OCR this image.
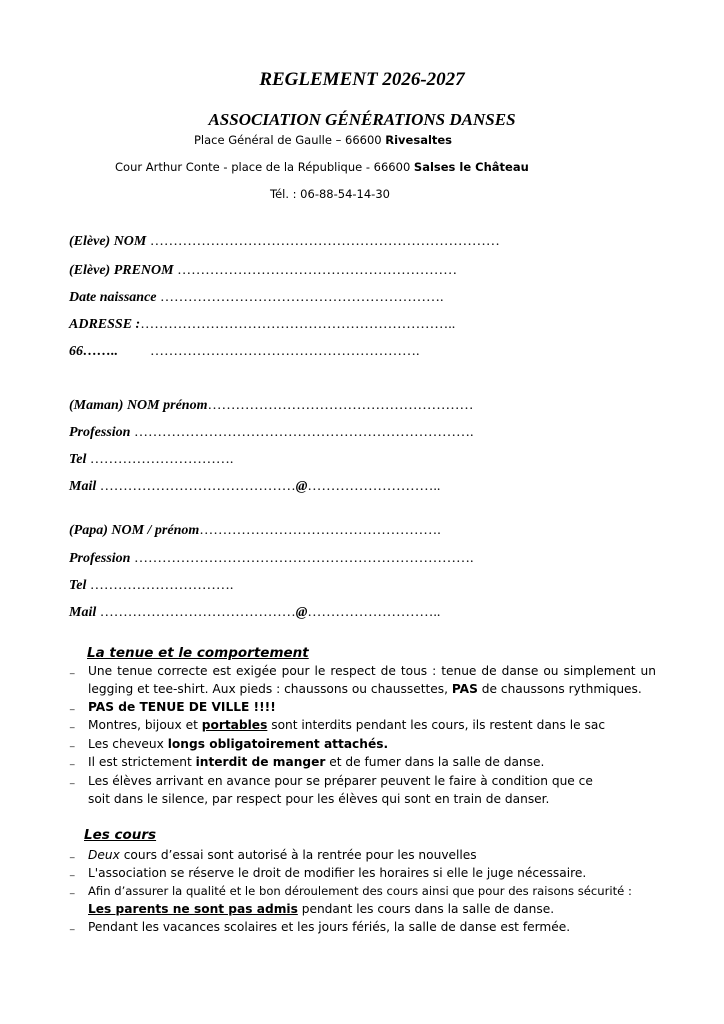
REGLEMENT 2026-2027
ASSOCIATION GÉNÉRATIONS DANSES
Place Général de Gaulle – 66600 Rivesaltes
Cour Arthur Conte - place de la République - 66600 Salses le Château
Tél. : 06-88-54-14-30
(Elève) NOM …………………………………………………………………
(Elève) PRENOM ……………………………………………………
Date naissance …………………………………………………….
ADRESSE :…………………………………………………………..
66…….. ………………………………………………….
(Maman) NOM prénom…………………………………………………
Profession ……………………………………………………………….
Tel ………………………….
Mail ……………………………………@………………………..
(Papa) NOM / prénom…………………………………………….
Profession ……………………………………………………………….
Tel ………………………….
Mail ……………………………………@………………………..
La tenue et le comportement
₋ Une tenue correcte est exigée pour le respect de tous : tenue de danse ou simplement un
legging et tee-shirt. Aux pieds : chaussons ou chaussettes, PAS de chaussons rythmiques.
₋ PAS de TENUE DE VILLE !!!!
₋ Montres, bijoux et portables sont interdits pendant les cours, ils restent dans le sac
₋ Les cheveux longs obligatoirement attachés.
₋ Il est strictement interdit de manger et de fumer dans la salle de danse.
₋ Les élèves arrivant en avance pour se préparer peuvent le faire à condition que ce
soit dans le silence, par respect pour les élèves qui sont en train de danser.
Les cours
₋ Deux cours d’essai sont autorisé à la rentrée pour les nouvelles
₋ L'association se réserve le droit de modifier les horaires si elle le juge nécessaire.
₋ Afin d’assurer la qualité et le bon déroulement des cours ainsi que pour des raisons sécurité :
Les parents ne sont pas admis pendant les cours dans la salle de danse.
₋ Pendant les vacances scolaires et les jours fériés, la salle de danse est fermée.
